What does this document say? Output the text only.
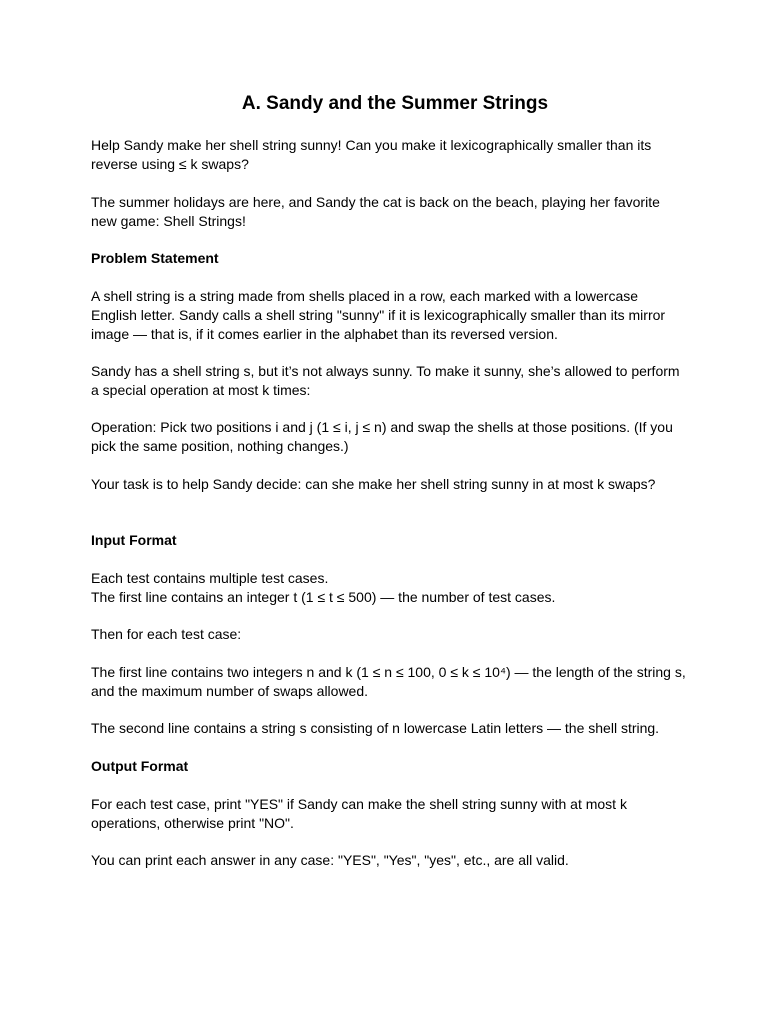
A. Sandy and the Summer Strings

Help Sandy make her shell string sunny! Can you make it lexicographically smaller than its
reverse using ≤ k swaps?

The summer holidays are here, and Sandy the cat is back on the beach, playing her favorite
new game: Shell Strings!

Problem Statement

A shell string is a string made from shells placed in a row, each marked with a lowercase
English letter. Sandy calls a shell string "sunny" if it is lexicographically smaller than its mirror
image — that is, if it comes earlier in the alphabet than its reversed version.

Sandy has a shell string s, but it’s not always sunny. To make it sunny, she’s allowed to perform
a special operation at most k times:

Operation: Pick two positions i and j (1 ≤ i, j ≤ n) and swap the shells at those positions. (If you
pick the same position, nothing changes.)

Your task is to help Sandy decide: can she make her shell string sunny in at most k swaps?

Input Format

Each test contains multiple test cases.
The first line contains an integer t (1 ≤ t ≤ 500) — the number of test cases.

Then for each test case:

The first line contains two integers n and k (1 ≤ n ≤ 100, 0 ≤ k ≤ 10⁴) — the length of the string s,
and the maximum number of swaps allowed.

The second line contains a string s consisting of n lowercase Latin letters — the shell string.

Output Format

For each test case, print "YES" if Sandy can make the shell string sunny with at most k
operations, otherwise print "NO".

You can print each answer in any case: "YES", "Yes", "yes", etc., are all valid.
